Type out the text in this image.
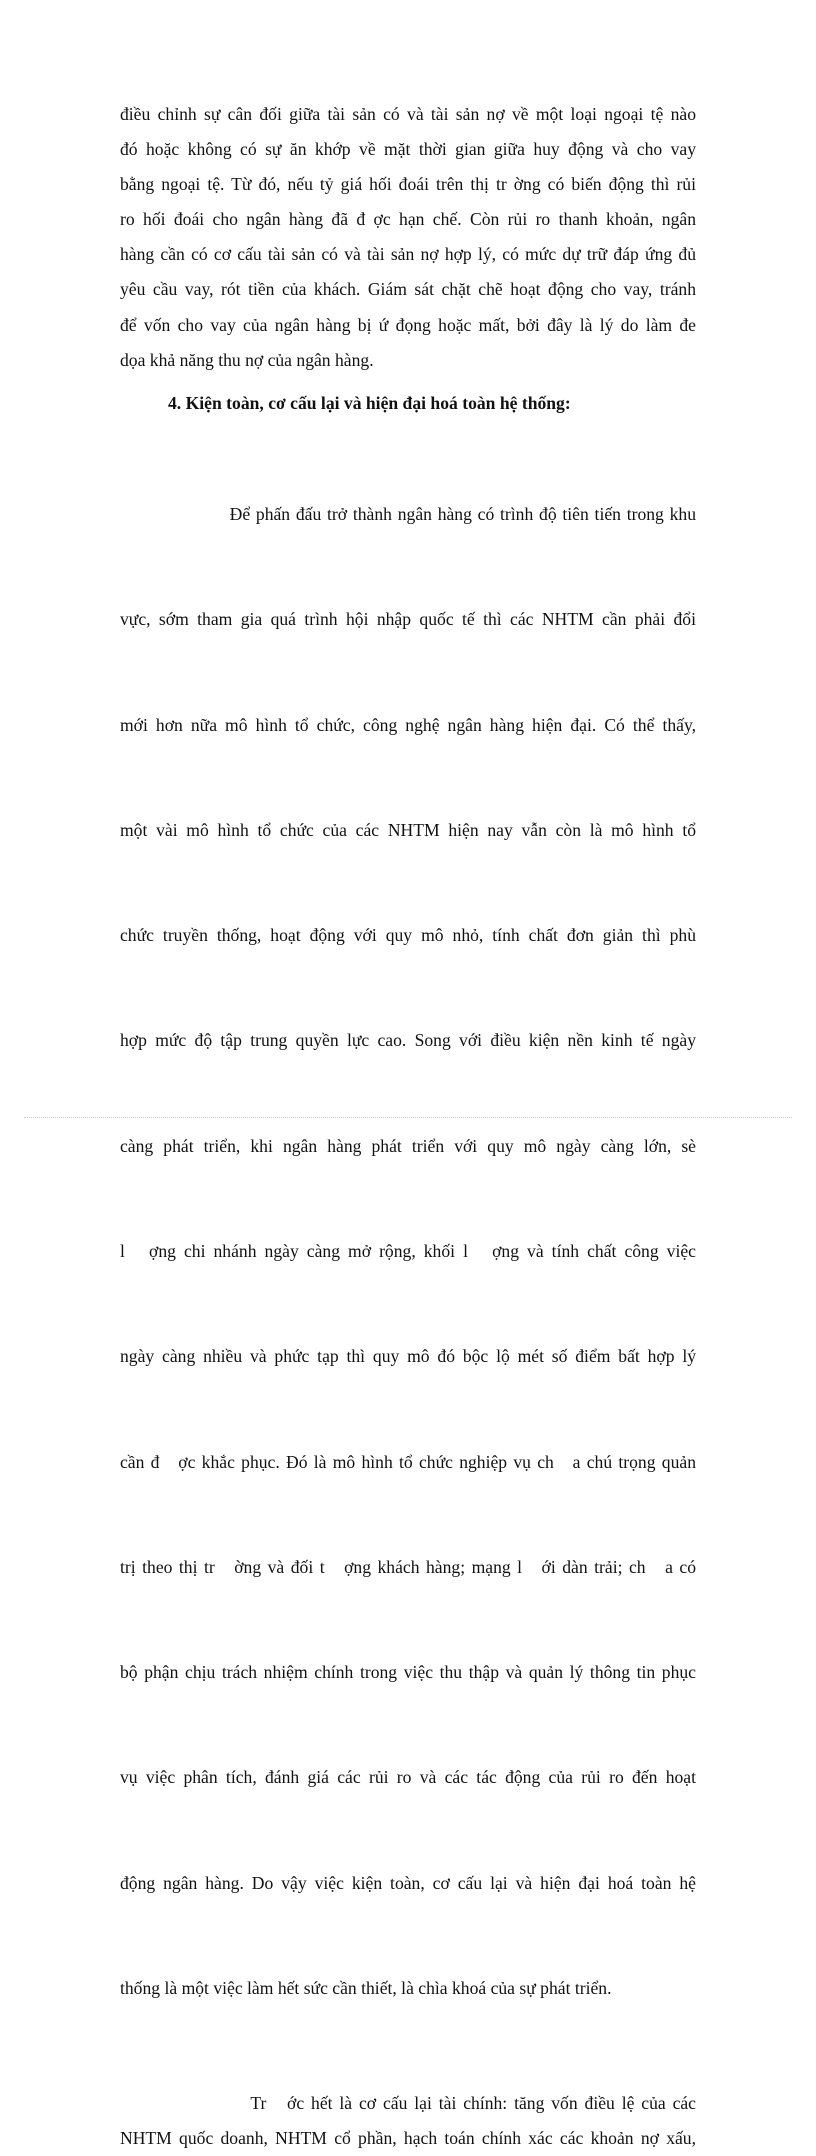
điều chỉnh sự cân đối giữa tài sản có và tài sản nợ về một loại ngoại tệ nào
đó hoặc không có sự ăn khớp về mặt thời gian giữa huy động và cho vay
bằng ngoại tệ. Từ đó, nếu tỷ giá hối đoái trên thị tr ờng có biến động thì rủi
ro hối đoái cho ngân hàng đã đ ợc hạn chế. Còn rủi ro thanh khoản, ngân
hàng cần có cơ cấu tài sản có và tài sản nợ hợp lý, có mức dự trữ đáp ứng đủ
yêu cầu vay, rót tiền của khách. Giám sát chặt chẽ hoạt động cho vay, tránh
để vốn cho vay của ngân hàng bị ứ đọng hoặc mất, bởi đây là lý do làm đe
dọa khả năng thu nợ của ngân hàng.
4. Kiện toàn, cơ cấu lại và hiện đại hoá toàn hệ thống:

Để phấn đấu trở thành ngân hàng có trình độ tiên tiến trong khu

vực, sớm tham gia quá trình hội nhập quốc tế thì các NHTM cần phải đổi

mới hơn nữa mô hình tổ chức, công nghệ ngân hàng hiện đại. Có thể thấy,

một vài mô hình tổ chức của các NHTM hiện nay vẫn còn là mô hình tổ

chức truyền thống, hoạt động với quy mô nhỏ, tính chất đơn giản thì phù

hợp mức độ tập trung quyền lực cao. Song với điều kiện nền kinh tế ngày

càng phát triển, khi ngân hàng phát triển với quy mô ngày càng lớn, sè

l   ợng chi nhánh ngày càng mở rộng, khối l   ợng và tính chất công việc

ngày càng nhiều và phức tạp thì quy mô đó bộc lộ mét số điểm bất hợp lý

cần đ   ợc khắc phục. Đó là mô hình tổ chức nghiệp vụ ch   a chú trọng quản

trị theo thị tr   ờng và đối t   ợng khách hàng; mạng l   ới dàn trải; ch   a có

bộ phận chịu trách nhiệm chính trong việc thu thập và quản lý thông tin phục

vụ việc phân tích, đánh giá các rủi ro và các tác động của rủi ro đến hoạt

động ngân hàng. Do vậy việc kiện toàn, cơ cấu lại và hiện đại hoá toàn hệ

thống là một việc làm hết sức cần thiết, là chìa khoá của sự phát triển.

Tr   ớc hết là cơ cấu lại tài chính: tăng vốn điều lệ của các
NHTM quốc doanh, NHTM cổ phần, hạch toán chính xác các khoản nợ xấu,
